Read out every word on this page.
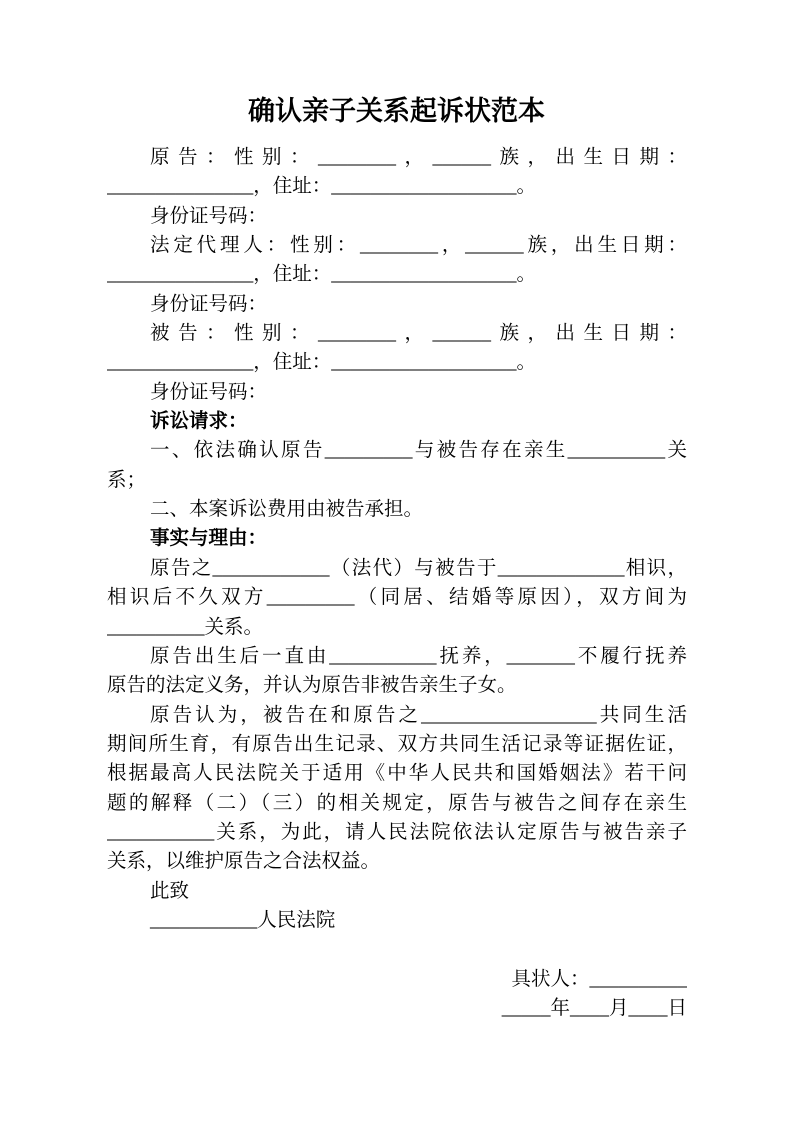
确认亲子关系起诉状范本
原告：性别：________，______族，出生日期：
_______________，住址：___________________。
身份证号码：
法定代理人：性别：________，______族，出生日期：
_______________，住址：___________________。
身份证号码：
被告：性别：________，______族，出生日期：
_______________，住址：___________________。
身份证号码：
诉讼请求：
一、依法确认原告_________与被告存在亲生__________关
系；
二、本案诉讼费用由被告承担。
事实与理由：
原告之____________（法代）与被告于_____________相识，
相识后不久双方_________（同居、结婚等原因），双方间为
__________关系。
原告出生后一直由___________抚养，_______不履行抚养
原告的法定义务，并认为原告非被告亲生子女。
原告认为，被告在和原告之__________________共同生活
期间所生育，有原告出生记录、双方共同生活记录等证据佐证，
根据最高人民法院关于适用《中华人民共和国婚姻法》若干问
题的解释（二）（三）的相关规定，原告与被告之间存在亲生
___________关系，为此，请人民法院依法认定原告与被告亲子
关系，以维护原告之合法权益。
此致
___________人民法院
具状人：__________
_____年____月____日
